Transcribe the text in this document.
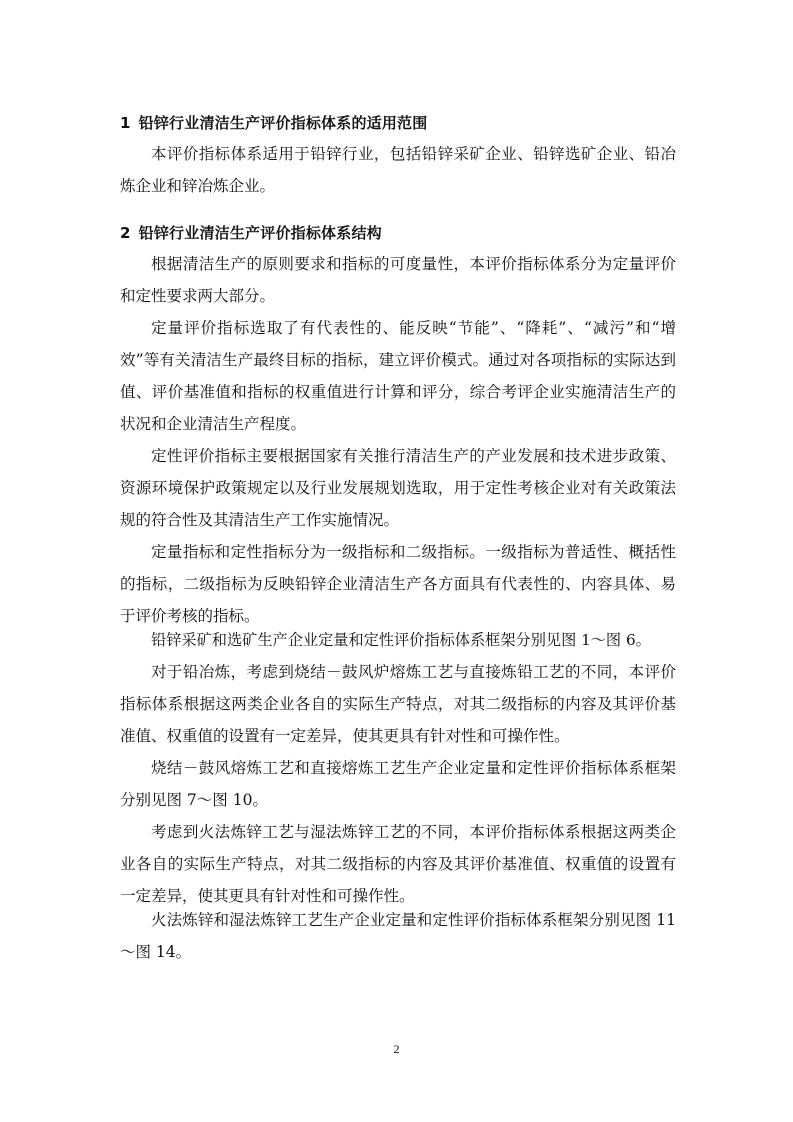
1 铅锌行业清洁生产评价指标体系的适用范围

本评价指标体系适用于铅锌行业，包括铅锌采矿企业、铅锌选矿企业、铅冶炼企业和锌冶炼企业。

2 铅锌行业清洁生产评价指标体系结构

根据清洁生产的原则要求和指标的可度量性，本评价指标体系分为定量评价和定性要求两大部分。

定量评价指标选取了有代表性的、能反映“节能”、“降耗”、“减污”和“增效”等有关清洁生产最终目标的指标，建立评价模式。通过对各项指标的实际达到值、评价基准值和指标的权重值进行计算和评分，综合考评企业实施清洁生产的状况和企业清洁生产程度。

定性评价指标主要根据国家有关推行清洁生产的产业发展和技术进步政策、资源环境保护政策规定以及行业发展规划选取，用于定性考核企业对有关政策法规的符合性及其清洁生产工作实施情况。

定量指标和定性指标分为一级指标和二级指标。一级指标为普适性、概括性的指标，二级指标为反映铅锌企业清洁生产各方面具有代表性的、内容具体、易于评价考核的指标。

铅锌采矿和选矿生产企业定量和定性评价指标体系框架分别见图 1～图 6。

对于铅冶炼，考虑到烧结－鼓风炉熔炼工艺与直接炼铅工艺的不同，本评价指标体系根据这两类企业各自的实际生产特点，对其二级指标的内容及其评价基准值、权重值的设置有一定差异，使其更具有针对性和可操作性。

烧结－鼓风熔炼工艺和直接熔炼工艺生产企业定量和定性评价指标体系框架分别见图 7～图 10。

考虑到火法炼锌工艺与湿法炼锌工艺的不同，本评价指标体系根据这两类企业各自的实际生产特点，对其二级指标的内容及其评价基准值、权重值的设置有一定差异，使其更具有针对性和可操作性。

火法炼锌和湿法炼锌工艺生产企业定量和定性评价指标体系框架分别见图 11～图 14。

2
